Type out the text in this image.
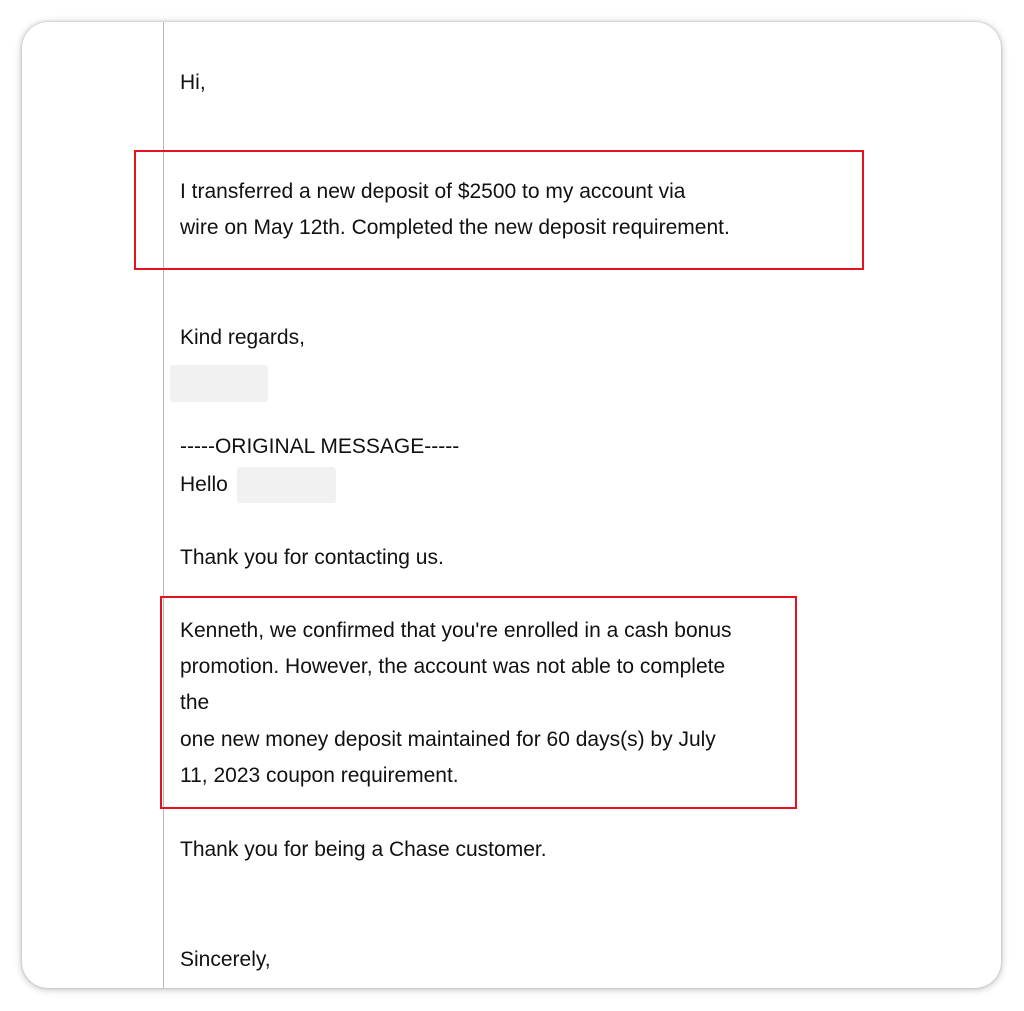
Hi,
I transferred a new deposit of $2500 to my account via
wire on May 12th. Completed the new deposit requirement.
Kind regards,
-----ORIGINAL MESSAGE-----
Hello
Thank you for contacting us.
Kenneth, we confirmed that you're enrolled in a cash bonus
promotion. However, the account was not able to complete
the
one new money deposit maintained for 60 days(s) by July
11, 2023 coupon requirement.
Thank you for being a Chase customer.
Sincerely,
